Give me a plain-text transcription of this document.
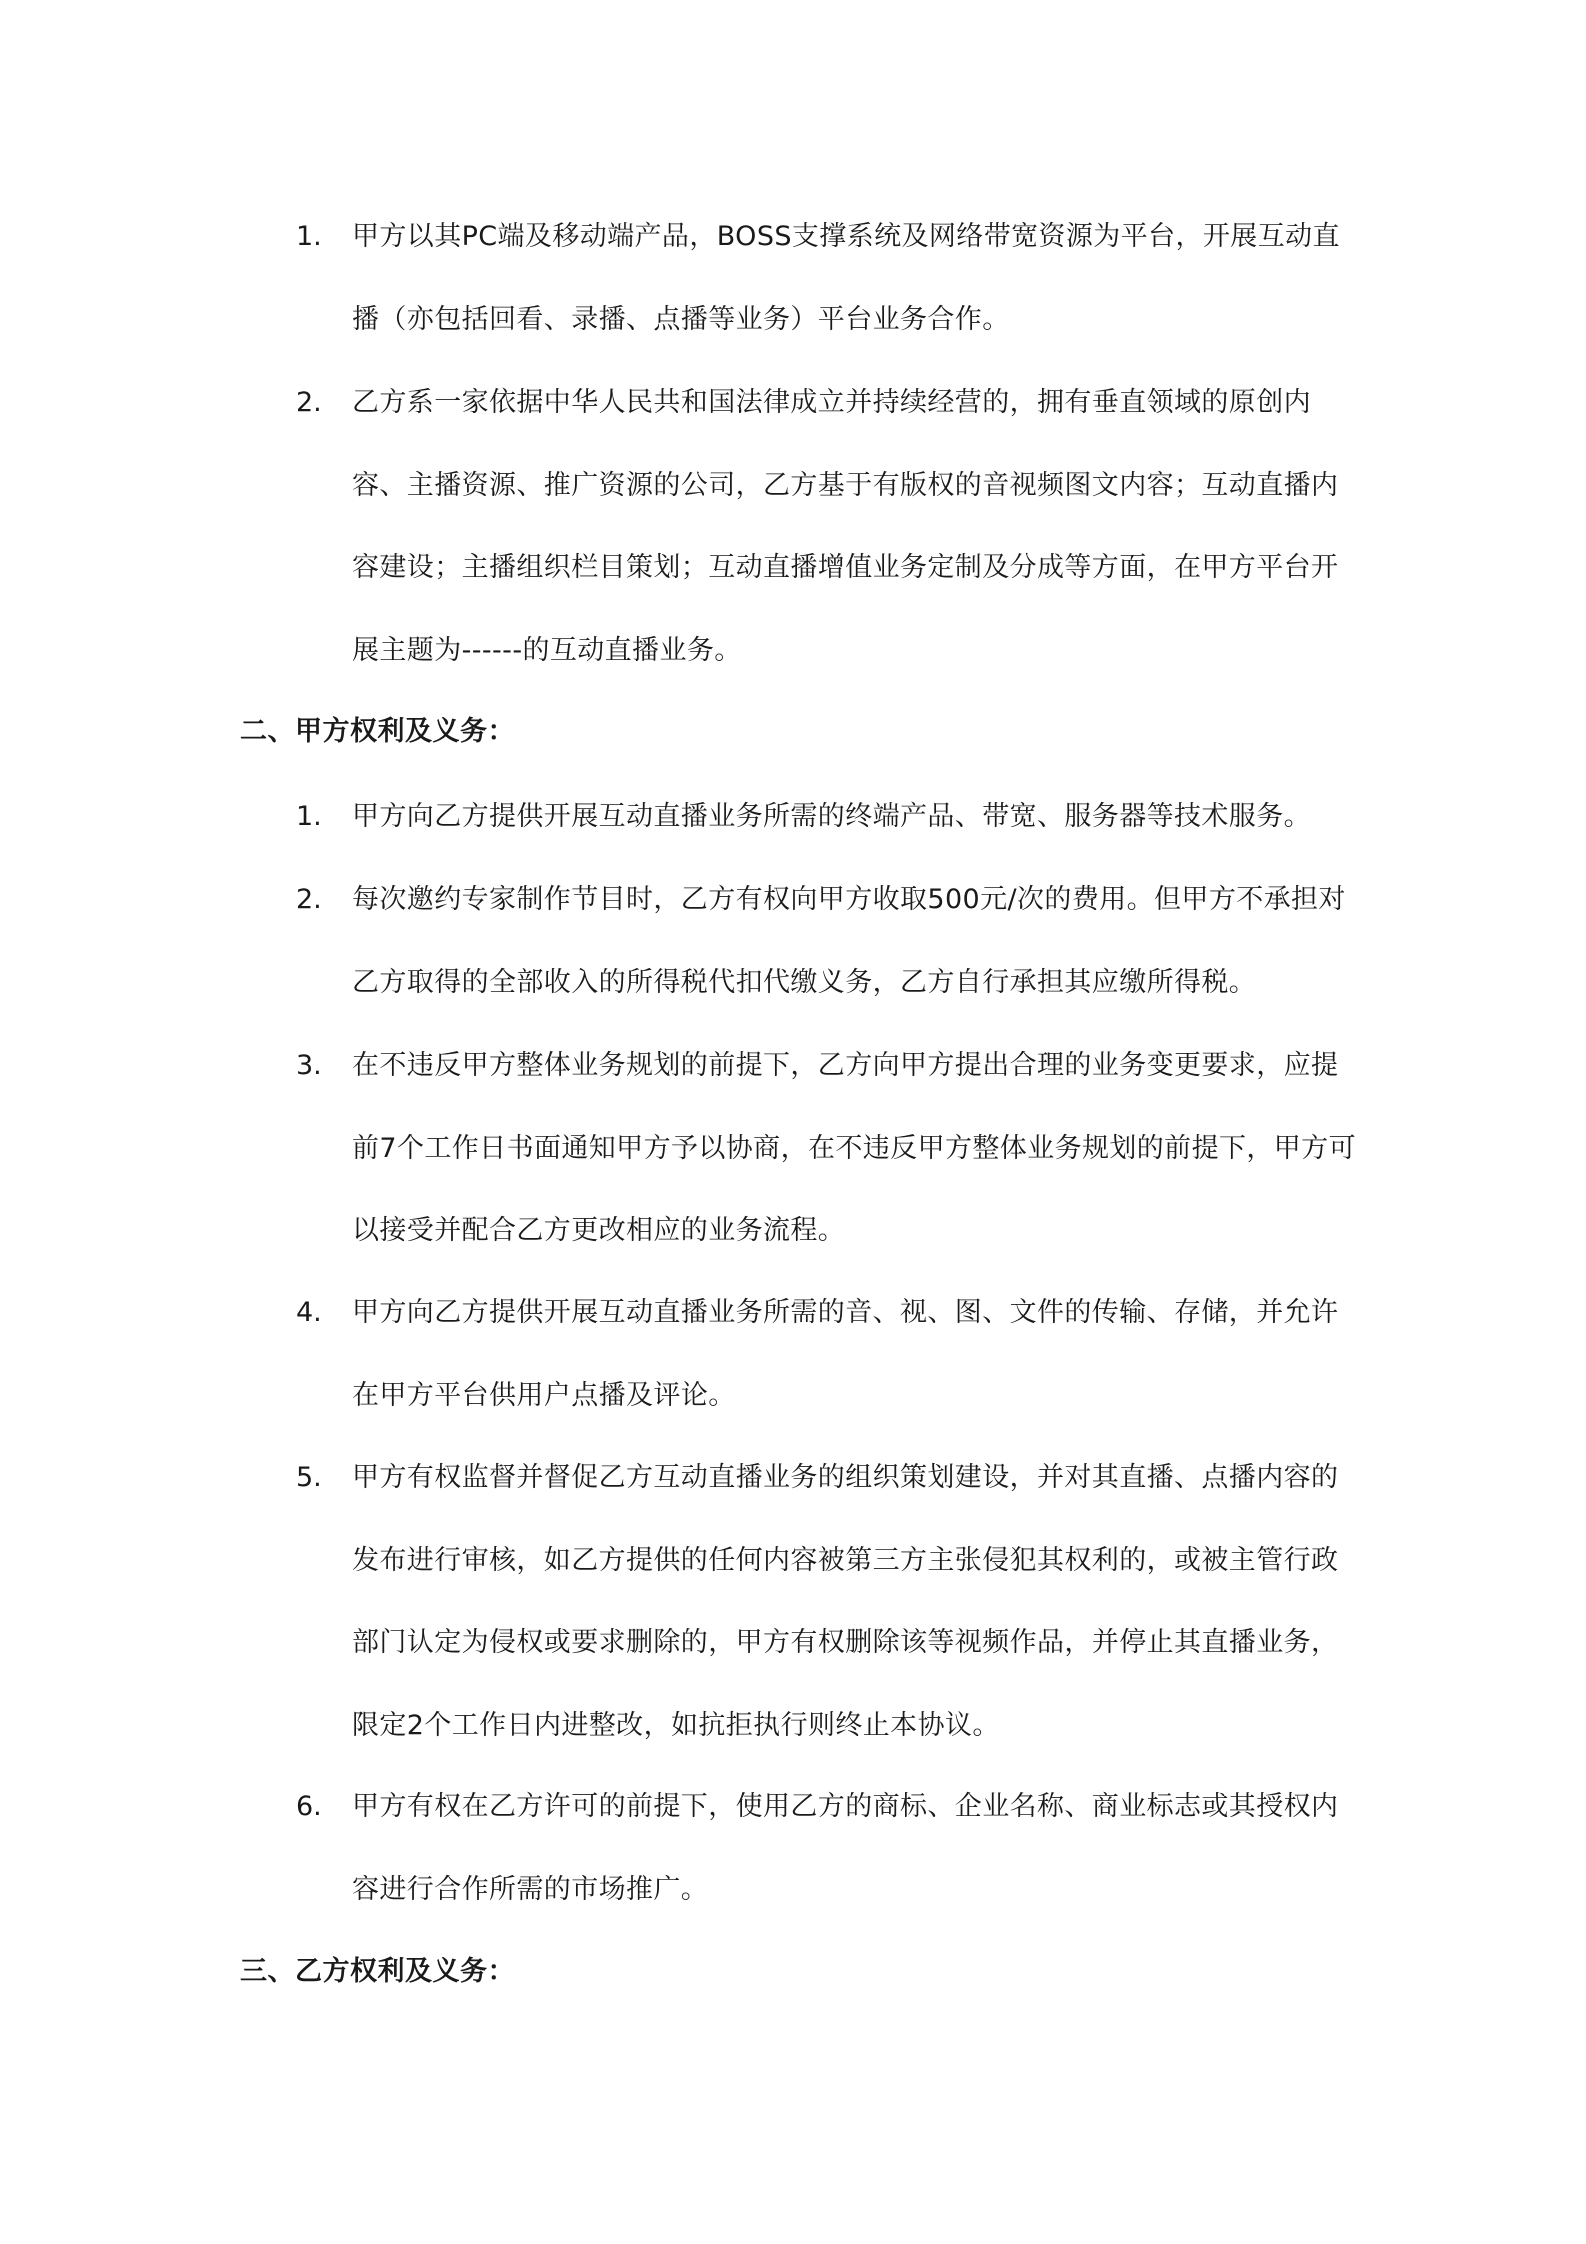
1.	甲方以其PC端及移动端产品，BOSS支撑系统及网络带宽资源为平台，开展互动直播（亦包括回看、录播、点播等业务）平台业务合作。
2.	乙方系一家依据中华人民共和国法律成立并持续经营的，拥有垂直领域的原创内容、主播资源、推广资源的公司，乙方基于有版权的音视频图文内容；互动直播内容建设；主播组织栏目策划；互动直播增值业务定制及分成等方面，在甲方平台开展主题为------的互动直播业务。
二、甲方权利及义务：
1.	甲方向乙方提供开展互动直播业务所需的终端产品、带宽、服务器等技术服务。
2.	每次邀约专家制作节目时，乙方有权向甲方收取500元/次的费用。但甲方不承担对乙方取得的全部收入的所得税代扣代缴义务，乙方自行承担其应缴所得税。
3.	在不违反甲方整体业务规划的前提下，乙方向甲方提出合理的业务变更要求，应提前7个工作日书面通知甲方予以协商，在不违反甲方整体业务规划的前提下，甲方可以接受并配合乙方更改相应的业务流程。
4.	甲方向乙方提供开展互动直播业务所需的音、视、图、文件的传输、存储，并允许在甲方平台供用户点播及评论。
5.	甲方有权监督并督促乙方互动直播业务的组织策划建设，并对其直播、点播内容的发布进行审核，如乙方提供的任何内容被第三方主张侵犯其权利的，或被主管行政部门认定为侵权或要求删除的，甲方有权删除该等视频作品，并停止其直播业务，限定2个工作日内进整改，如抗拒执行则终止本协议。
6.	甲方有权在乙方许可的前提下，使用乙方的商标、企业名称、商业标志或其授权内容进行合作所需的市场推广。
三、乙方权利及义务：
